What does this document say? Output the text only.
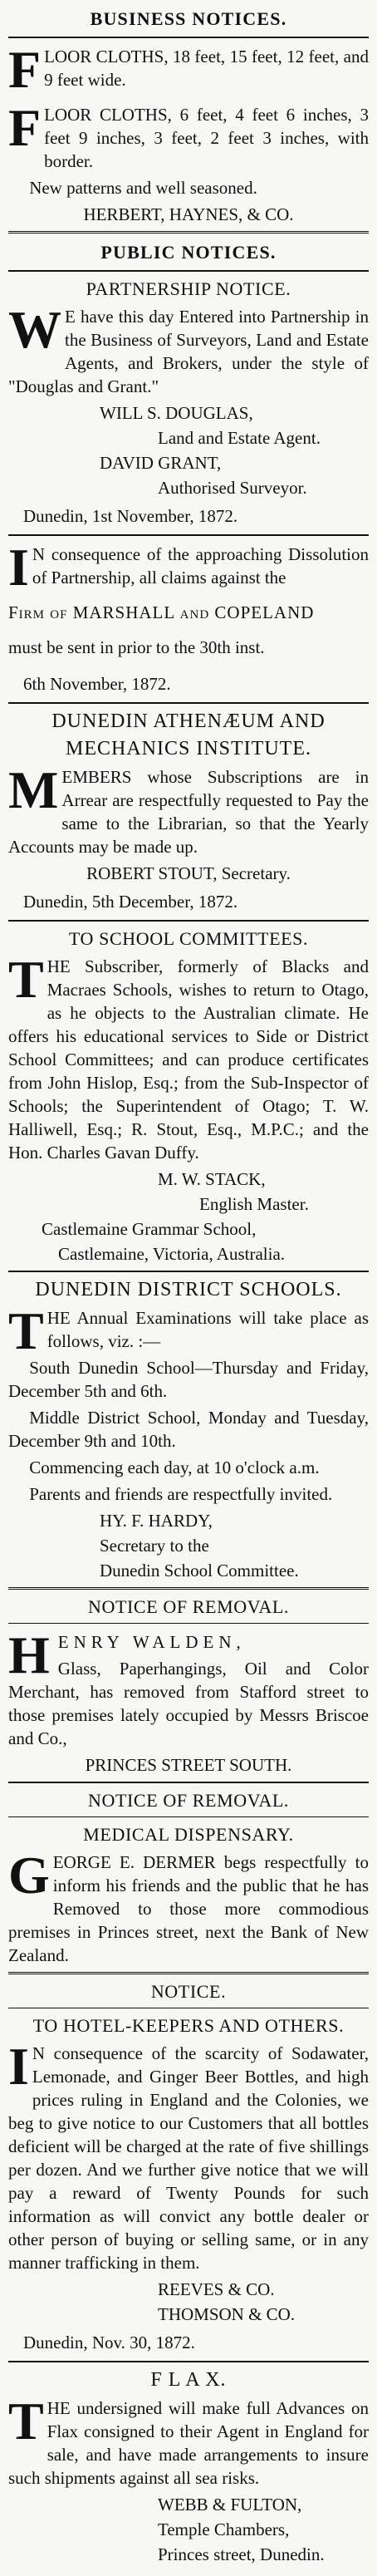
BUSINESS NOTICES.
FLOOR CLOTHS, 18 feet, 15 feet, 12 feet, and 9 feet wide.
FLOOR CLOTHS, 6 feet, 4 feet 6 inches, 3 feet 9 inches, 3 feet, 2 feet 3 inches, with border.
New patterns and well seasoned.
HERBERT, HAYNES, & CO.
PUBLIC NOTICES.
PARTNERSHIP NOTICE.
WE have this day Entered into Partnership in the Business of Surveyors, Land and Estate Agents, and Brokers, under the style of "Douglas and Grant."
WILL S. DOUGLAS,
Land and Estate Agent.
DAVID GRANT,
Authorised Surveyor.
Dunedin, 1st November, 1872.
IN consequence of the approaching Dissolution of Partnership, all claims against the
Firm of MARSHALL and COPELAND
must be sent in prior to the 30th inst.
6th November, 1872.
DUNEDIN ATHENÆUM AND
MECHANICS INSTITUTE.
MEMBERS whose Subscriptions are in Arrear are respectfully requested to Pay the same to the Librarian, so that the Yearly Accounts may be made up.
ROBERT STOUT, Secretary.
Dunedin, 5th December, 1872.
TO SCHOOL COMMITTEES.
THE Subscriber, formerly of Blacks and Macraes Schools, wishes to return to Otago, as he objects to the Australian climate. He offers his educational services to Side or District School Committees; and can produce certificates from John Hislop, Esq.; from the Sub-Inspector of Schools; the Superintendent of Otago; T. W. Halliwell, Esq.; R. Stout, Esq., M.P.C.; and the Hon. Charles Gavan Duffy.
M. W. STACK,
English Master.
Castlemaine Grammar School,
Castlemaine, Victoria, Australia.
DUNEDIN DISTRICT SCHOOLS.
THE Annual Examinations will take place as follows, viz. :—
South Dunedin School—Thursday and Friday, December 5th and 6th.
Middle District School, Monday and Tuesday, December 9th and 10th.
Commencing each day, at 10 o'clock a.m.
Parents and friends are respectfully invited.
HY. F. HARDY,
Secretary to the
Dunedin School Committee.
NOTICE OF REMOVAL.
HENRY WALDEN,
Glass, Paperhangings, Oil and Color Merchant, has removed from Stafford street to those premises lately occupied by Messrs Briscoe and Co.,
PRINCES STREET SOUTH.
NOTICE OF REMOVAL.
MEDICAL DISPENSARY.
GEORGE E. DERMER begs respectfully to inform his friends and the public that he has Removed to those more commodious premises in Princes street, next the Bank of New Zealand.
NOTICE.
TO HOTEL-KEEPERS AND OTHERS.
IN consequence of the scarcity of Sodawater, Lemonade, and Ginger Beer Bottles, and high prices ruling in England and the Colonies, we beg to give notice to our Customers that all bottles deficient will be charged at the rate of five shillings per dozen. And we further give notice that we will pay a reward of Twenty Pounds for such information as will convict any bottle dealer or other person of buying or selling same, or in any manner trafficking in them.
REEVES & CO.
THOMSON & CO.
Dunedin, Nov. 30, 1872.
F L A X.
THE undersigned will make full Advances on Flax consigned to their Agent in England for sale, and have made arrangements to insure such shipments against all sea risks.
WEBB & FULTON,
Temple Chambers,
Princes street, Dunedin.
